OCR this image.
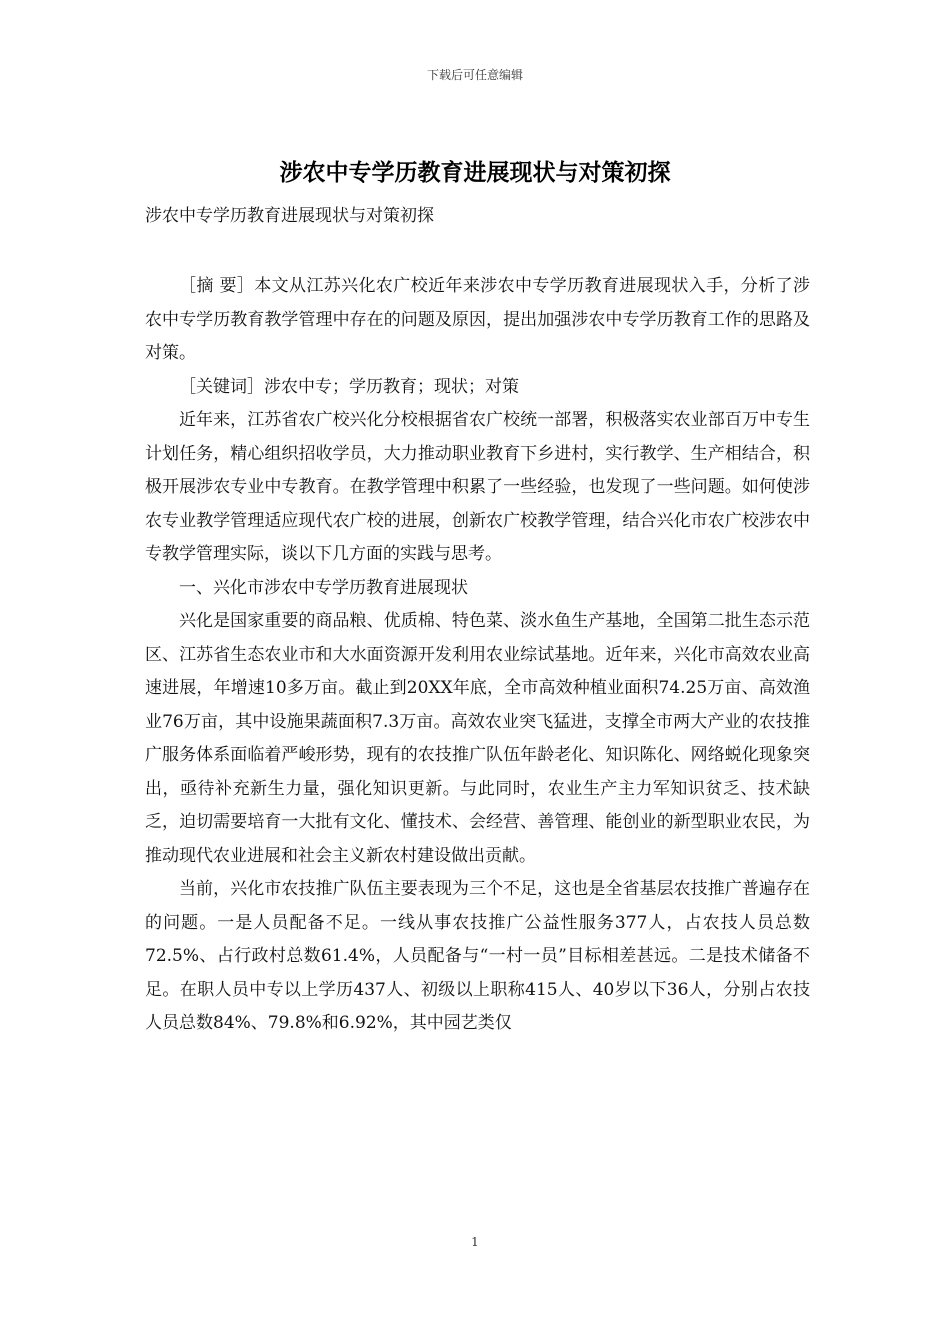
下载后可任意编辑
涉农中专学历教育进展现状与对策初探
涉农中专学历教育进展现状与对策初探

［摘 要］本文从江苏兴化农广校近年来涉农中专学历教育进展现状入手，分析了涉农中专学历教育教学管理中存在的问题及原因，提出加强涉农中专学历教育工作的思路及对策。

［关键词］涉农中专；学历教育；现状；对策

近年来，江苏省农广校兴化分校根据省农广校统一部署，积极落实农业部百万中专生计划任务，精心组织招收学员，大力推动职业教育下乡进村，实行教学、生产相结合，积极开展涉农专业中专教育。在教学管理中积累了一些经验，也发现了一些问题。如何使涉农专业教学管理适应现代农广校的进展，创新农广校教学管理，结合兴化市农广校涉农中专教学管理实际，谈以下几方面的实践与思考。

一、兴化市涉农中专学历教育进展现状

兴化是国家重要的商品粮、优质棉、特色菜、淡水鱼生产基地，全国第二批生态示范区、江苏省生态农业市和大水面资源开发利用农业综试基地。近年来，兴化市高效农业高速进展，年增速10多万亩。截止到20XX年底，全市高效种植业面积74.25万亩、高效渔业76万亩，其中设施果蔬面积7.3万亩。高效农业突飞猛进，支撑全市两大产业的农技推广服务体系面临着严峻形势，现有的农技推广队伍年龄老化、知识陈化、网络蜕化现象突出，亟待补充新生力量，强化知识更新。与此同时，农业生产主力军知识贫乏、技术缺乏，迫切需要培育一大批有文化、懂技术、会经营、善管理、能创业的新型职业农民，为推动现代农业进展和社会主义新农村建设做出贡献。

当前，兴化市农技推广队伍主要表现为三个不足，这也是全省基层农技推广普遍存在的问题。一是人员配备不足。一线从事农技推广公益性服务377人，占农技人员总数72.5%、占行政村总数61.4%，人员配备与“一村一员”目标相差甚远。二是技术储备不足。在职人员中专以上学历437人、初级以上职称415人、40岁以下36人，分别占农技人员总数84%、79.8%和6.92%，其中园艺类仅

1
